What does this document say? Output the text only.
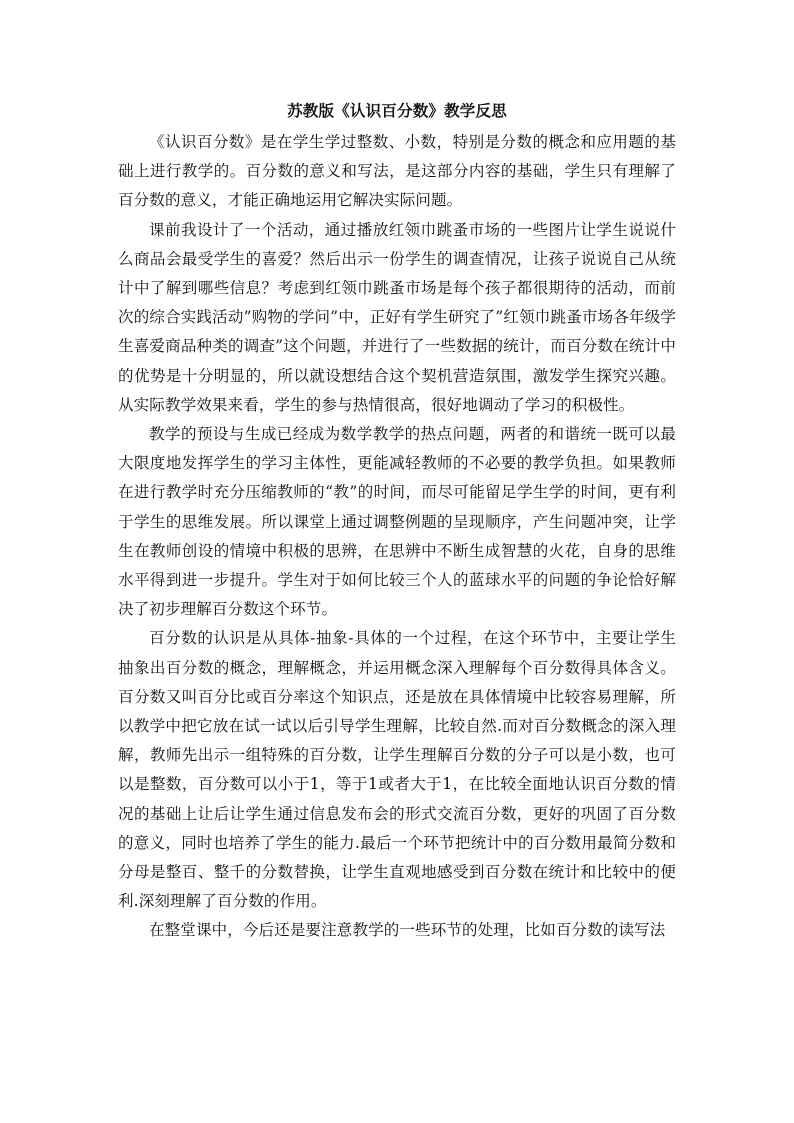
苏教版《认识百分数》教学反思

《认识百分数》是在学生学过整数、小数，特别是分数的概念和应用题的基础上进行教学的。百分数的意义和写法，是这部分内容的基础，学生只有理解了百分数的意义，才能正确地运用它解决实际问题。

课前我设计了一个活动，通过播放红领巾跳蚤市场的一些图片让学生说说什么商品会最受学生的喜爱？然后出示一份学生的调查情况，让孩子说说自己从统计中了解到哪些信息？考虑到红领巾跳蚤市场是每个孩子都很期待的活动，而前次的综合实践活动”购物的学问”中，正好有学生研究了”红领巾跳蚤市场各年级学生喜爱商品种类的调查”这个问题，并进行了一些数据的统计，而百分数在统计中的优势是十分明显的，所以就设想结合这个契机营造氛围，激发学生探究兴趣。从实际教学效果来看，学生的参与热情很高，很好地调动了学习的积极性。

教学的预设与生成已经成为数学教学的热点问题，两者的和谐统一既可以最大限度地发挥学生的学习主体性，更能减轻教师的不必要的教学负担。如果教师在进行教学时充分压缩教师的“教”的时间，而尽可能留足学生学的时间，更有利于学生的思维发展。所以课堂上通过调整例题的呈现顺序，产生问题冲突，让学生在教师创设的情境中积极的思辨，在思辨中不断生成智慧的火花，自身的思维水平得到进一步提升。学生对于如何比较三个人的蓝球水平的问题的争论恰好解决了初步理解百分数这个环节。

百分数的认识是从具体-抽象-具体的一个过程，在这个环节中，主要让学生抽象出百分数的概念，理解概念，并运用概念深入理解每个百分数得具体含义。百分数又叫百分比或百分率这个知识点，还是放在具体情境中比较容易理解，所以教学中把它放在试一试以后引导学生理解，比较自然.而对百分数概念的深入理解，教师先出示一组特殊的百分数，让学生理解百分数的分子可以是小数，也可以是整数，百分数可以小于1，等于1或者大于1，在比较全面地认识百分数的情况的基础上让后让学生通过信息发布会的形式交流百分数，更好的巩固了百分数的意义，同时也培养了学生的能力.最后一个环节把统计中的百分数用最简分数和分母是整百、整千的分数替换，让学生直观地感受到百分数在统计和比较中的便利.深刻理解了百分数的作用。

在整堂课中，今后还是要注意教学的一些环节的处理，比如百分数的读写法
